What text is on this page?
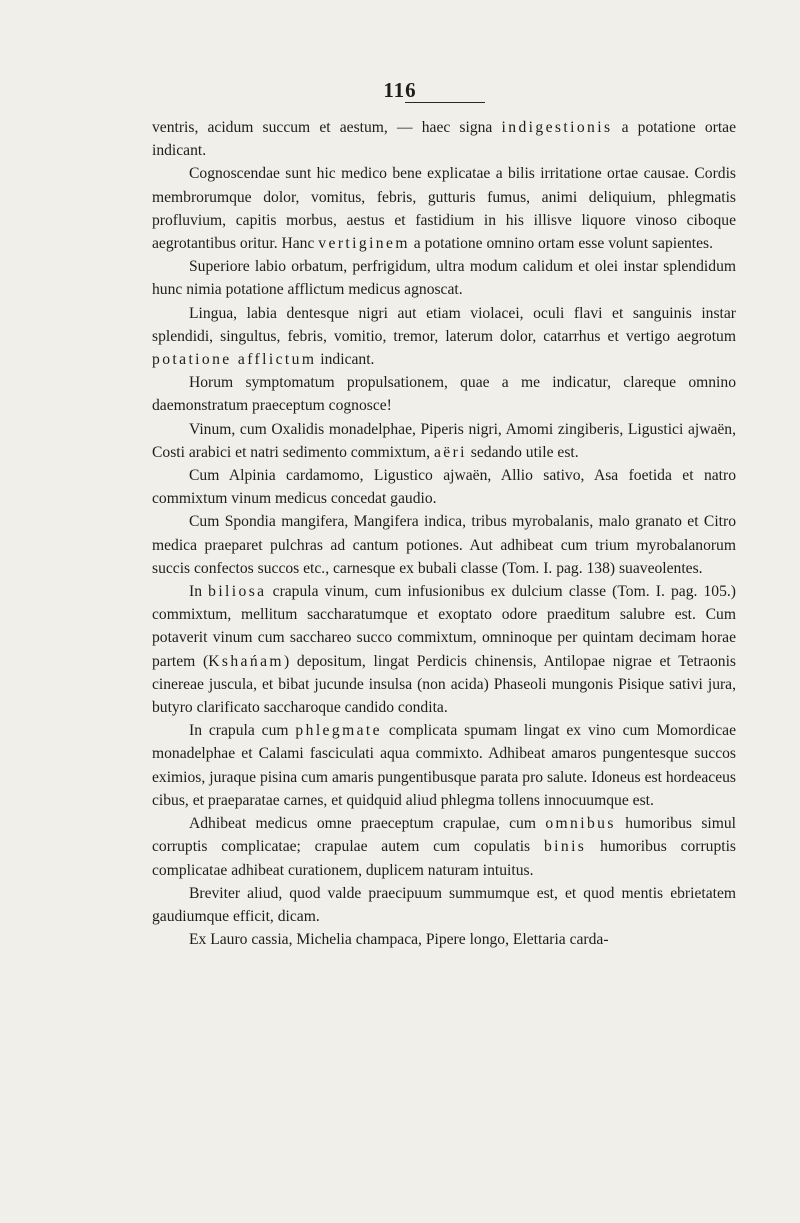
116

ventris, acidum succum et aestum, — haec signa indigestionis a potatione ortae indicant.

Cognoscendae sunt hic medico bene explicatae a bilis irritatione ortae causae. Cordis membrorumque dolor, vomitus, febris, gutturis fumus, animi deliquium, phlegmatis profluvium, capitis morbus, aestus et fastidium in his illisve liquore vinoso ciboque aegrotantibus oritur. Hanc vertiginem a potatione omnino ortam esse volunt sapientes.

Superiore labio orbatum, perfrigidum, ultra modum calidum et olei instar splendidum hunc nimia potatione afflictum medicus agnoscat.

Lingua, labia dentesque nigri aut etiam violacei, oculi flavi et sanguinis instar splendidi, singultus, febris, vomitio, tremor, laterum dolor, catarrhus et vertigo aegrotum potatione afflictum indicant.

Horum symptomatum propulsationem, quae a me indicatur, clareque omnino daemonstratum praeceptum cognosce!

Vinum, cum Oxalidis monadelphae, Piperis nigri, Amomi zingiberis, Ligustici ajwaën, Costi arabici et natri sedimento commixtum, aëri sedando utile est.

Cum Alpinia cardamomo, Ligustico ajwaën, Allio sativo, Asa foetida et natro commixtum vinum medicus concedat gaudio.

Cum Spondia mangifera, Mangifera indica, tribus myrobalanis, malo granato et Citro medica praeparet pulchras ad cantum potiones. Aut adhibeat cum trium myrobalanorum succis confectos succos etc., carnesque ex bubali classe (Tom. I. pag. 138) suaveolentes.

In biliosa crapula vinum, cum infusionibus ex dulcium classe (Tom. I. pag. 105.) commixtum, mellitum saccharatumque et exoptato odore praeditum salubre est. Cum potaverit vinum cum sacchareo succo commixtum, omninoque per quintam decimam horae partem (Kshańam) depositum, lingat Perdicis chinensis, Antilopae nigrae et Tetraonis cinereae juscula, et bibat jucunde insulsa (non acida) Phaseoli mungonis Pisique sativi jura, butyro clarificato saccharoque candido condita.

In crapula cum phlegmate complicata spumam lingat ex vino cum Momordicae monadelphae et Calami fasciculati aqua commixto. Adhibeat amaros pungentesque succos eximios, juraque pisina cum amaris pungentibusque parata pro salute. Idoneus est hordeaceus cibus, et praeparatae carnes, et quidquid aliud phlegma tollens innocuumque est.

Adhibeat medicus omne praeceptum crapulae, cum omnibus humoribus simul corruptis complicatae; crapulae autem cum copulatis binis humoribus corruptis complicatae adhibeat curationem, duplicem naturam intuitus.

Breviter aliud, quod valde praecipuum summumque est, et quod mentis ebrietatem gaudiumque efficit, dicam.

Ex Lauro cassia, Michelia champaca, Pipere longo, Elettaria carda-
